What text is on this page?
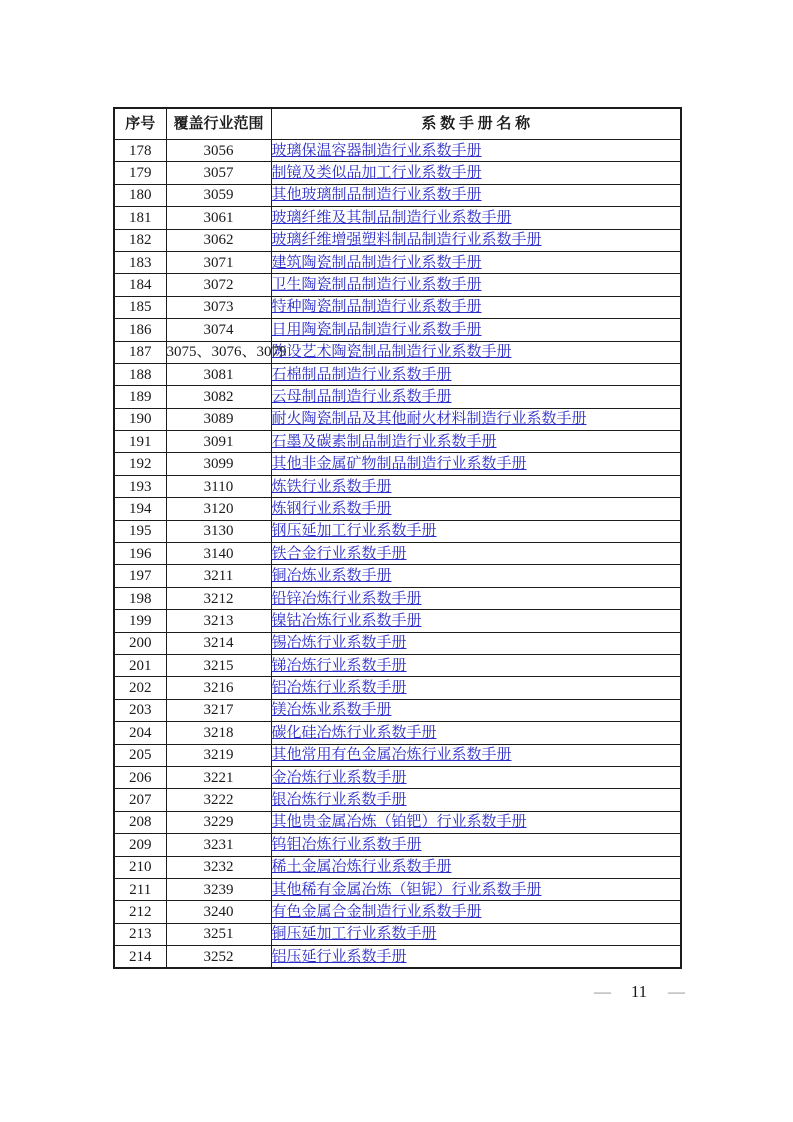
序号	覆盖行业范围	系 数 手 册 名 称
178	3056	玻璃保温容器制造行业系数手册
179	3057	制镜及类似品加工行业系数手册
180	3059	其他玻璃制品制造行业系数手册
181	3061	玻璃纤维及其制品制造行业系数手册
182	3062	玻璃纤维增强塑料制品制造行业系数手册
183	3071	建筑陶瓷制品制造行业系数手册
184	3072	卫生陶瓷制品制造行业系数手册
185	3073	特种陶瓷制品制造行业系数手册
186	3074	日用陶瓷制品制造行业系数手册
187	3075、3076、3079	陈设艺术陶瓷制品制造行业系数手册
188	3081	石棉制品制造行业系数手册
189	3082	云母制品制造行业系数手册
190	3089	耐火陶瓷制品及其他耐火材料制造行业系数手册
191	3091	石墨及碳素制品制造行业系数手册
192	3099	其他非金属矿物制品制造行业系数手册
193	3110	炼铁行业系数手册
194	3120	炼钢行业系数手册
195	3130	钢压延加工行业系数手册
196	3140	铁合金行业系数手册
197	3211	铜冶炼业系数手册
198	3212	铅锌冶炼行业系数手册
199	3213	镍钴冶炼行业系数手册
200	3214	锡冶炼行业系数手册
201	3215	锑冶炼行业系数手册
202	3216	铝冶炼行业系数手册
203	3217	镁冶炼业系数手册
204	3218	碳化硅冶炼行业系数手册
205	3219	其他常用有色金属冶炼行业系数手册
206	3221	金冶炼行业系数手册
207	3222	银冶炼行业系数手册
208	3229	其他贵金属冶炼（铂钯）行业系数手册
209	3231	钨钼冶炼行业系数手册
210	3232	稀土金属冶炼行业系数手册
211	3239	其他稀有金属冶炼（钽铌）行业系数手册
212	3240	有色金属合金制造行业系数手册
213	3251	铜压延加工行业系数手册
214	3252	铝压延行业系数手册
— 11 —
